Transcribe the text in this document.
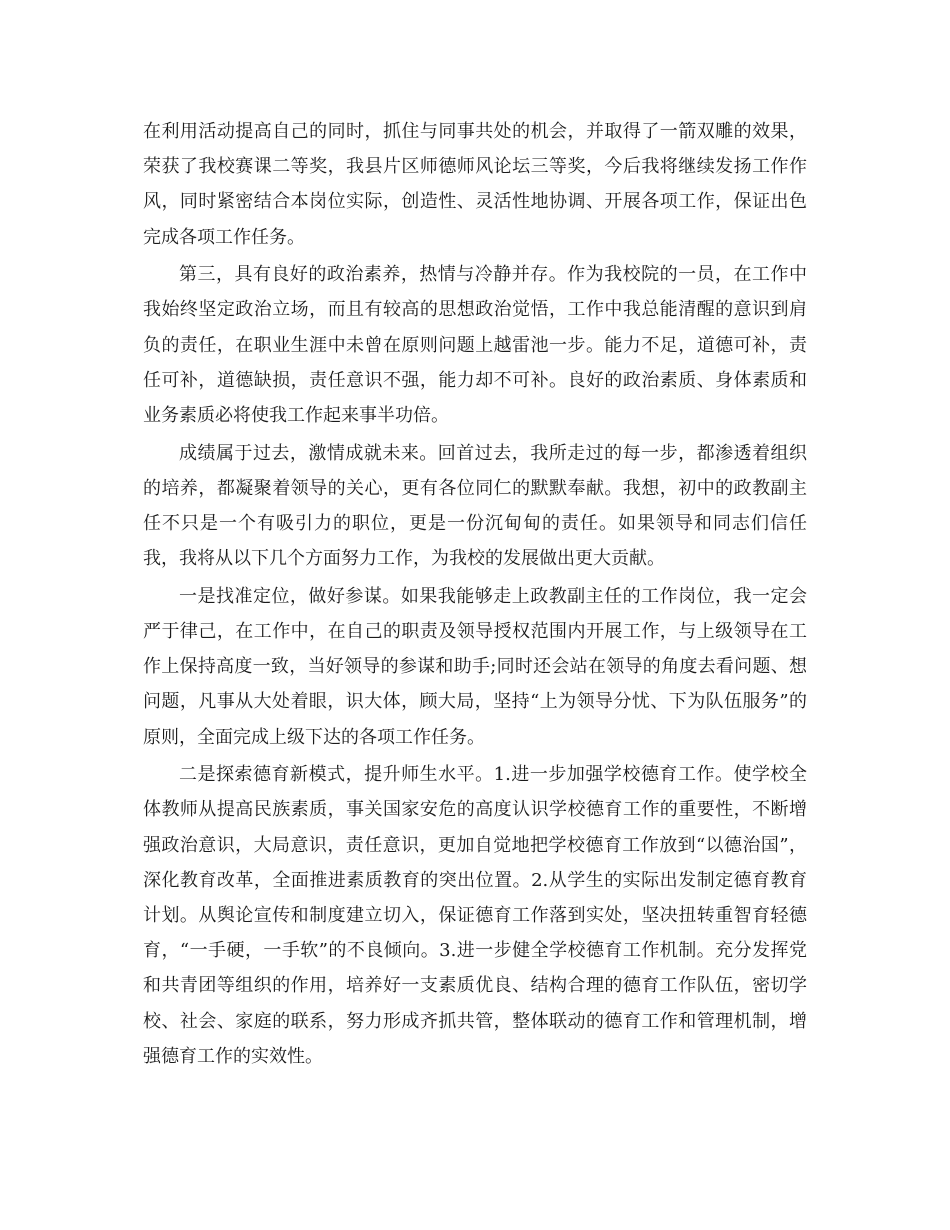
在利用活动提高自己的同时，抓住与同事共处的机会，并取得了一箭双雕的效果，荣获了我校赛课二等奖，我县片区师德师风论坛三等奖，今后我将继续发扬工作作风，同时紧密结合本岗位实际，创造性、灵活性地协调、开展各项工作，保证出色完成各项工作任务。

第三，具有良好的政治素养，热情与冷静并存。作为我校院的一员，在工作中我始终坚定政治立场，而且有较高的思想政治觉悟，工作中我总能清醒的意识到肩负的责任，在职业生涯中未曾在原则问题上越雷池一步。能力不足，道德可补，责任可补，道德缺损，责任意识不强，能力却不可补。良好的政治素质、身体素质和业务素质必将使我工作起来事半功倍。

成绩属于过去，激情成就未来。回首过去，我所走过的每一步，都渗透着组织的培养，都凝聚着领导的关心，更有各位同仁的默默奉献。我想，初中的政教副主任不只是一个有吸引力的职位，更是一份沉甸甸的责任。如果领导和同志们信任我，我将从以下几个方面努力工作，为我校的发展做出更大贡献。

一是找准定位，做好参谋。如果我能够走上政教副主任的工作岗位，我一定会严于律己，在工作中，在自己的职责及领导授权范围内开展工作，与上级领导在工作上保持高度一致，当好领导的参谋和助手;同时还会站在领导的角度去看问题、想问题，凡事从大处着眼，识大体，顾大局，坚持“上为领导分忧、下为队伍服务”的原则，全面完成上级下达的各项工作任务。

二是探索德育新模式，提升师生水平。1.进一步加强学校德育工作。使学校全体教师从提高民族素质，事关国家安危的高度认识学校德育工作的重要性，不断增强政治意识，大局意识，责任意识，更加自觉地把学校德育工作放到“以德治国”，深化教育改革，全面推进素质教育的突出位置。2.从学生的实际出发制定德育教育计划。从舆论宣传和制度建立切入，保证德育工作落到实处，坚决扭转重智育轻德育，“一手硬，一手软”的不良倾向。3.进一步健全学校德育工作机制。充分发挥党和共青团等组织的作用，培养好一支素质优良、结构合理的德育工作队伍，密切学校、社会、家庭的联系，努力形成齐抓共管，整体联动的德育工作和管理机制，增强德育工作的实效性。
